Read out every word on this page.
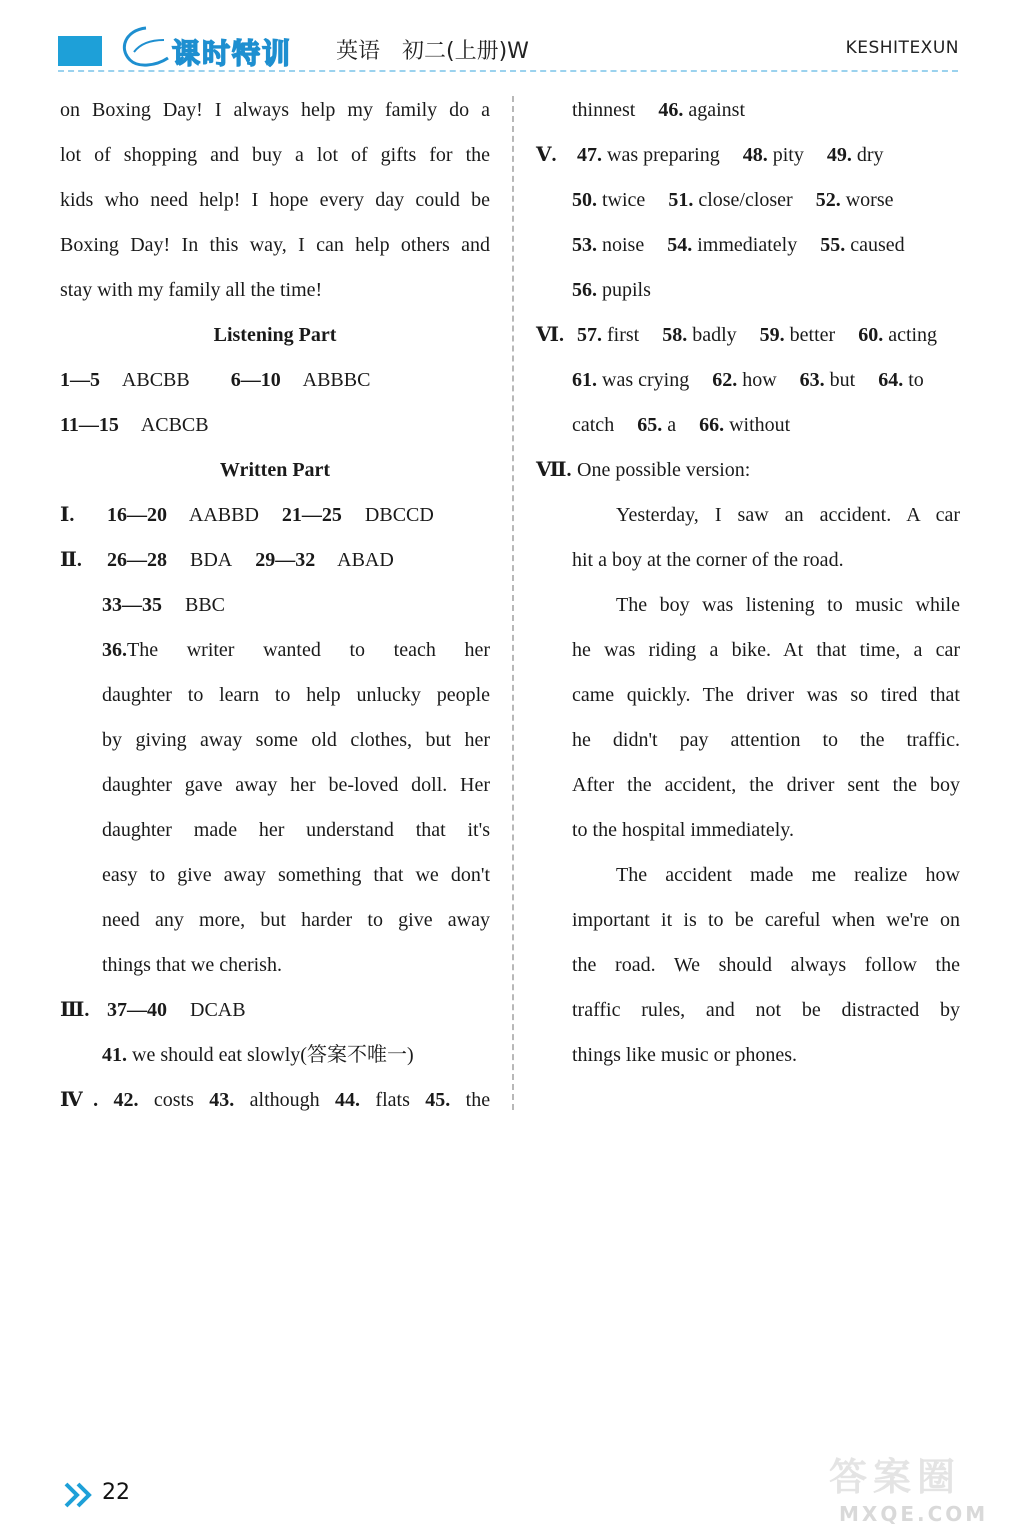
课时特训 英语　初二(上册)W	KESHITEXUN
on Boxing Day! I always help my family do a
lot of shopping and buy a lot of gifts for the
kids who need help! I hope every day could be
Boxing Day! In this way, I can help others and
stay with my family all the time!
Listening Part
1—5 ABCBB 6—10 ABBBC
11—15 ACBCB
Written Part
Ⅰ. 16—20 AABBD 21—25 DBCCD
Ⅱ. 26—28 BDA 29—32 ABAD
33—35 BBC
36.The writer wanted to teach her
daughter to learn to help unlucky people
by giving away some old clothes, but her
daughter gave away her be-loved doll. Her
daughter made her understand that it's
easy to give away something that we don't
need any more, but harder to give away
things that we cherish.
Ⅲ. 37—40 DCAB
41. we should eat slowly(答案不唯一)
Ⅳ. 42. costs 43. although 44. flats 45. the
thinnest 46. against
Ⅴ. 47. was preparing 48. pity 49. dry
50. twice 51. close/closer 52. worse
53. noise 54. immediately 55. caused
56. pupils
Ⅵ. 57. first 58. badly 59. better 60. acting
61. was crying 62. how 63. but 64. to
catch 65. a 66. without
Ⅶ. One possible version:
Yesterday, I saw an accident. A car
hit a boy at the corner of the road.
The boy was listening to music while
he was riding a bike. At that time, a car
came quickly. The driver was so tired that
he didn't pay attention to the traffic.
After the accident, the driver sent the boy
to the hospital immediately.
The accident made me realize how
important it is to be careful when we're on
the road. We should always follow the
traffic rules, and not be distracted by
things like music or phones.
22	答案圈
MXQE.COM
